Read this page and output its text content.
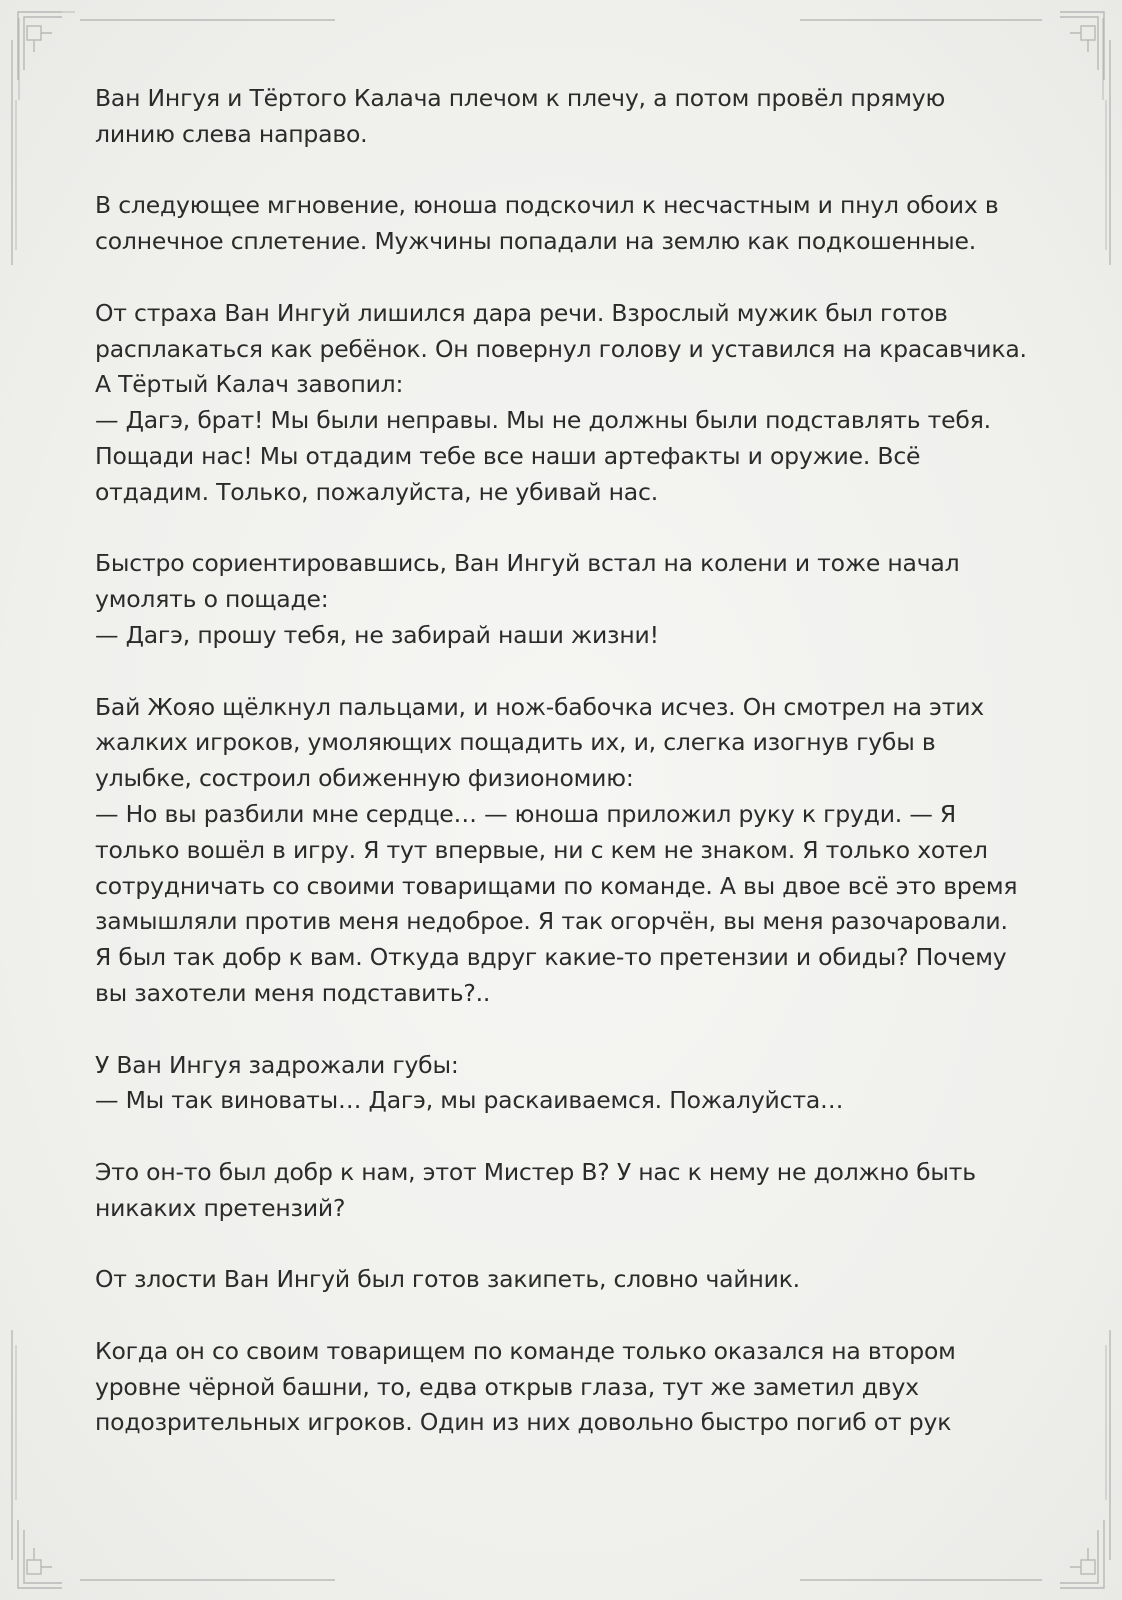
Ван Ингуя и Тёртого Калача плечом к плечу, а потом провёл прямую
линию слева направо.
В следующее мгновение, юноша подскочил к несчастным и пнул обоих в
солнечное сплетение. Мужчины попадали на землю как подкошенные.
От страха Ван Ингуй лишился дара речи. Взрослый мужик был готов
расплакаться как ребёнок. Он повернул голову и уставился на красавчика.
А Тёртый Калач завопил:
— Дагэ, брат! Мы были неправы. Мы не должны были подставлять тебя.
Пощади нас! Мы отдадим тебе все наши артефакты и оружие. Всё
отдадим. Только, пожалуйста, не убивай нас.
Быстро сориентировавшись, Ван Ингуй встал на колени и тоже начал
умолять о пощаде:
— Дагэ, прошу тебя, не забирай наши жизни!
Бай Жояо щёлкнул пальцами, и нож-бабочка исчез. Он смотрел на этих
жалких игроков, умоляющих пощадить их, и, слегка изогнув губы в
улыбке, состроил обиженную физиономию:
— Но вы разбили мне сердце… — юноша приложил руку к груди. — Я
только вошёл в игру. Я тут впервые, ни с кем не знаком. Я только хотел
сотрудничать со своими товарищами по команде. А вы двое всё это время
замышляли против меня недоброе. Я так огорчён, вы меня разочаровали.
Я был так добр к вам. Откуда вдруг какие-то претензии и обиды? Почему
вы захотели меня подставить?..
У Ван Ингуя задрожали губы:
— Мы так виноваты… Дагэ, мы раскаиваемся. Пожалуйста…
Это он-то был добр к нам, этот Мистер B? У нас к нему не должно быть
никаких претензий?
От злости Ван Ингуй был готов закипеть, словно чайник.
Когда он со своим товарищем по команде только оказался на втором
уровне чёрной башни, то, едва открыв глаза, тут же заметил двух
подозрительных игроков. Один из них довольно быстро погиб от рук
